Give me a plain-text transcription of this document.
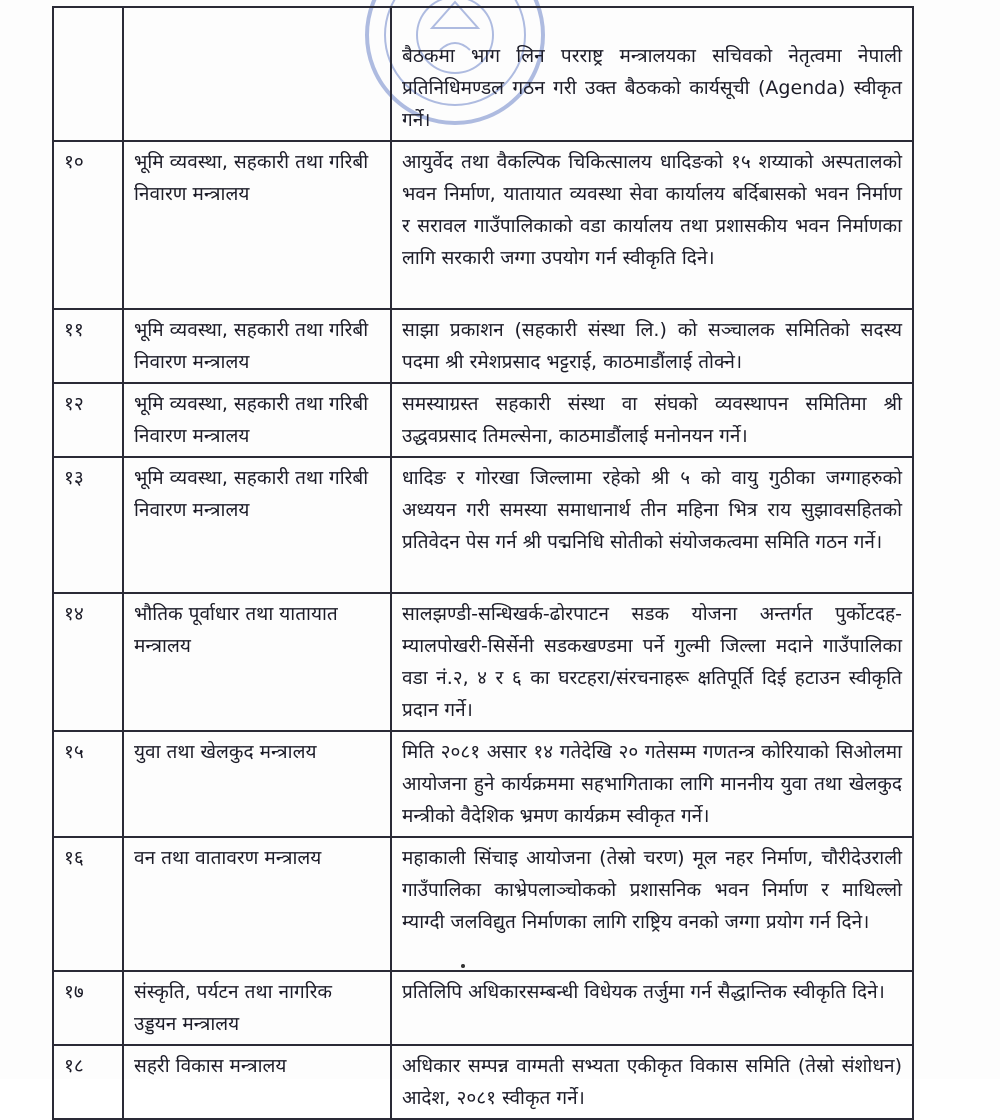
		बैठकमा भाग लिन परराष्ट्र मन्त्रालयका सचिवको नेतृत्वमा नेपाली प्रतिनिधिमण्डल गठन गरी उक्त बैठकको कार्यसूची (Agenda) स्वीकृत गर्ने।
१०	भूमि व्यवस्था, सहकारी तथा गरिबी निवारण मन्त्रालय	आयुर्वेद तथा वैकल्पिक चिकित्सालय धादिङको १५ शय्याको अस्पतालको भवन निर्माण, यातायात व्यवस्था सेवा कार्यालय बर्दिबासको भवन निर्माण र सरावल गाउँपालिकाको वडा कार्यालय तथा प्रशासकीय भवन निर्माणका लागि सरकारी जग्गा उपयोग गर्न स्वीकृति दिने।
११	भूमि व्यवस्था, सहकारी तथा गरिबी निवारण मन्त्रालय	साझा प्रकाशन (सहकारी संस्था लि.) को सञ्चालक समितिको सदस्य पदमा श्री रमेशप्रसाद भट्टराई, काठमाडौंलाई तोक्ने।
१२	भूमि व्यवस्था, सहकारी तथा गरिबी निवारण मन्त्रालय	समस्याग्रस्त सहकारी संस्था वा संघको व्यवस्थापन समितिमा श्री उद्धवप्रसाद तिमल्सेना, काठमाडौंलाई मनोनयन गर्ने।
१३	भूमि व्यवस्था, सहकारी तथा गरिबी निवारण मन्त्रालय	धादिङ र गोरखा जिल्लामा रहेको श्री ५ को वायु गुठीका जग्गाहरुको अध्ययन गरी समस्या समाधानार्थ तीन महिना भित्र राय सुझावसहितको प्रतिवेदन पेस गर्न श्री पद्मनिधि सोतीको संयोजकत्वमा समिति गठन गर्ने।
१४	भौतिक पूर्वाधार तथा यातायात मन्त्रालय	सालझण्डी-सन्धिखर्क-ढोरपाटन सडक योजना अन्तर्गत पुर्कोटदह-म्यालपोखरी-सिर्सेनी सडकखण्डमा पर्ने गुल्मी जिल्ला मदाने गाउँपालिका वडा नं.२, ४ र ६ का घरटहरा/संरचनाहरू क्षतिपूर्ति दिई हटाउन स्वीकृति प्रदान गर्ने।
१५	युवा तथा खेलकुद मन्त्रालय	मिति २०८१ असार १४ गतेदेखि २० गतेसम्म गणतन्त्र कोरियाको सिओलमा आयोजना हुने कार्यक्रममा सहभागिताका लागि माननीय युवा तथा खेलकुद मन्त्रीको वैदेशिक भ्रमण कार्यक्रम स्वीकृत गर्ने।
१६	वन तथा वातावरण मन्त्रालय	महाकाली सिंचाइ आयोजना (तेस्रो चरण) मूल नहर निर्माण, चौरीदेउराली गाउँपालिका काभ्रेपलाञ्चोकको प्रशासनिक भवन निर्माण र माथिल्लो म्याग्दी जलविद्युत निर्माणका लागि राष्ट्रिय वनको जग्गा प्रयोग गर्न दिने।
१७	संस्कृति, पर्यटन तथा नागरिक उड्डयन मन्त्रालय	प्रतिलिपि अधिकारसम्बन्धी विधेयक तर्जुमा गर्न सैद्धान्तिक स्वीकृति दिने।
१८	सहरी विकास मन्त्रालय	अधिकार सम्पन्न वाग्मती सभ्यता एकीकृत विकास समिति (तेस्रो संशोधन) आदेश, २०८१ स्वीकृत गर्ने।
